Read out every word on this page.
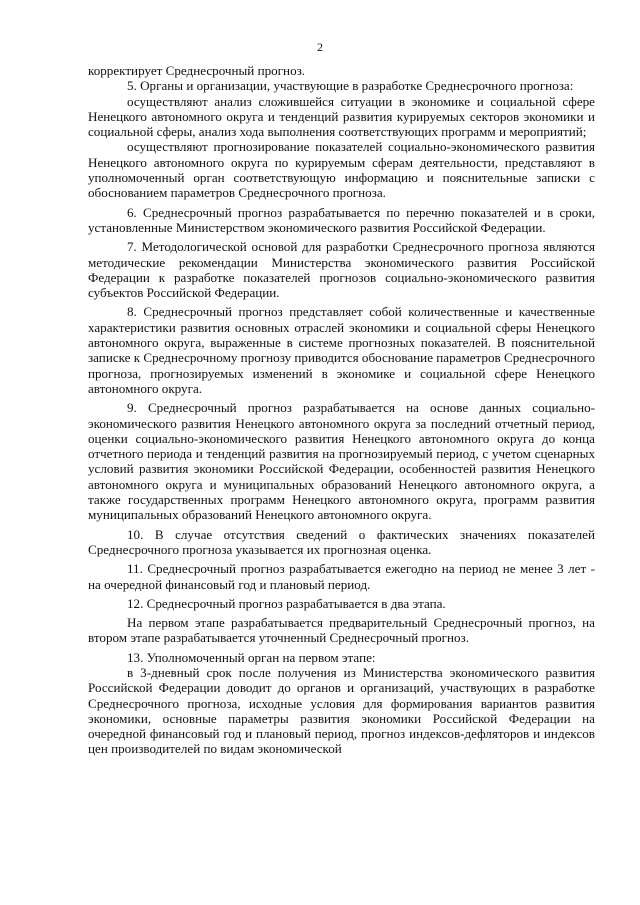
2

корректирует Среднесрочный прогноз.

5. Органы и организации, участвующие в разработке Среднесрочного прогноза:

осуществляют анализ сложившейся ситуации в экономике и социальной сфере Ненецкого автономного округа и тенденций развития курируемых секторов экономики и социальной сферы, анализ хода выполнения соответствующих программ и мероприятий;

осуществляют прогнозирование показателей социально-экономического развития Ненецкого автономного округа по курируемым сферам деятельности, представляют в уполномоченный орган соответствующую информацию и пояснительные записки с обоснованием параметров Среднесрочного прогноза.

6. Среднесрочный прогноз разрабатывается по перечню показателей и в сроки, установленные Министерством экономического развития Российской Федерации.

7. Методологической основой для разработки Среднесрочного прогноза являются методические рекомендации Министерства экономического развития Российской Федерации к разработке показателей прогнозов социально-экономического развития субъектов Российской Федерации.

8. Среднесрочный прогноз представляет собой количественные и качественные характеристики развития основных отраслей экономики и социальной сферы Ненецкого автономного округа, выраженные в системе прогнозных показателей. В пояснительной записке к Среднесрочному прогнозу приводится обоснование параметров Среднесрочного прогноза, прогнозируемых изменений в экономике и социальной сфере Ненецкого автономного округа.

9. Среднесрочный прогноз разрабатывается на основе данных социально-экономического развития Ненецкого автономного округа за последний отчетный период, оценки социально-экономического развития Ненецкого автономного округа до конца отчетного периода и тенденций развития на прогнозируемый период, с учетом сценарных условий развития экономики Российской Федерации, особенностей развития Ненецкого автономного округа и муниципальных образований Ненецкого автономного округа, а также государственных программ Ненецкого автономного округа, программ развития муниципальных образований Ненецкого автономного округа.

10. В случае отсутствия сведений о фактических значениях показателей Среднесрочного прогноза указывается их прогнозная оценка.

11. Среднесрочный прогноз разрабатывается ежегодно на период не менее 3 лет - на очередной финансовый год и плановый период.

12. Среднесрочный прогноз разрабатывается в два этапа.

На первом этапе разрабатывается предварительный Среднесрочный прогноз, на втором этапе разрабатывается уточненный Среднесрочный прогноз.

13. Уполномоченный орган на первом этапе:

в 3-дневный срок после получения из Министерства экономического развития Российской Федерации доводит до органов и организаций, участвующих в разработке Среднесрочного прогноза, исходные условия для формирования вариантов развития экономики, основные параметры развития экономики Российской Федерации на очередной финансовый год и плановый период, прогноз индексов-дефляторов и индексов цен производителей по видам экономической
